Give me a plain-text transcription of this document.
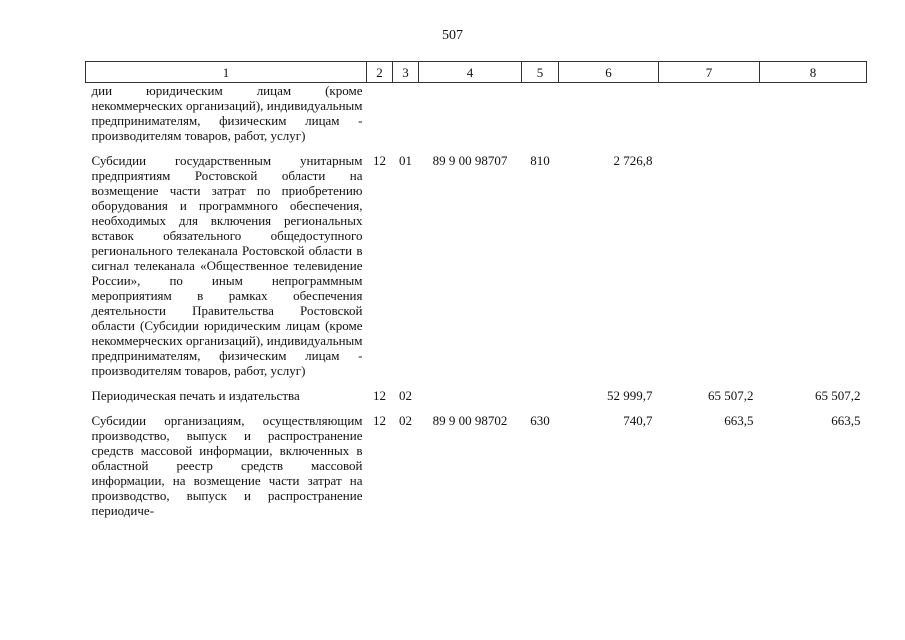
507
1	2	3	4	5	6	7	8
дии юридическим лицам (кроме некоммерческих организаций), индивидуальным предпринимателям, физическим лицам - производителям товаров, работ, услуг)							

Субсидии государственным унитарным предприятиям Ростовской области на возмещение части затрат по приобретению оборудования и программного обеспечения, необходимых для включения региональных вставок обязательного общедоступного регионального телеканала Ростовской области в сигнал телеканала «Общественное телевидение России», по иным непрограммным мероприятиям в рамках обеспечения деятельности Правительства Ростовской области (Субсидии юридическим лицам (кроме некоммерческих организаций), индивидуальным предпринимателям, физическим лицам - производителям товаров, работ, услуг)	12	01	89 9 00 98707	810	2 726,8		

Периодическая печать и издательства	12	02			52 999,7	65 507,2	65 507,2

Субсидии организациям, осуществляющим производство, выпуск и распространение средств массовой информации, включенных в областной реестр средств массовой информации, на возмещение части затрат на производство, выпуск и распространение периодиче-	12	02	89 9 00 98702	630	740,7	663,5	663,5
